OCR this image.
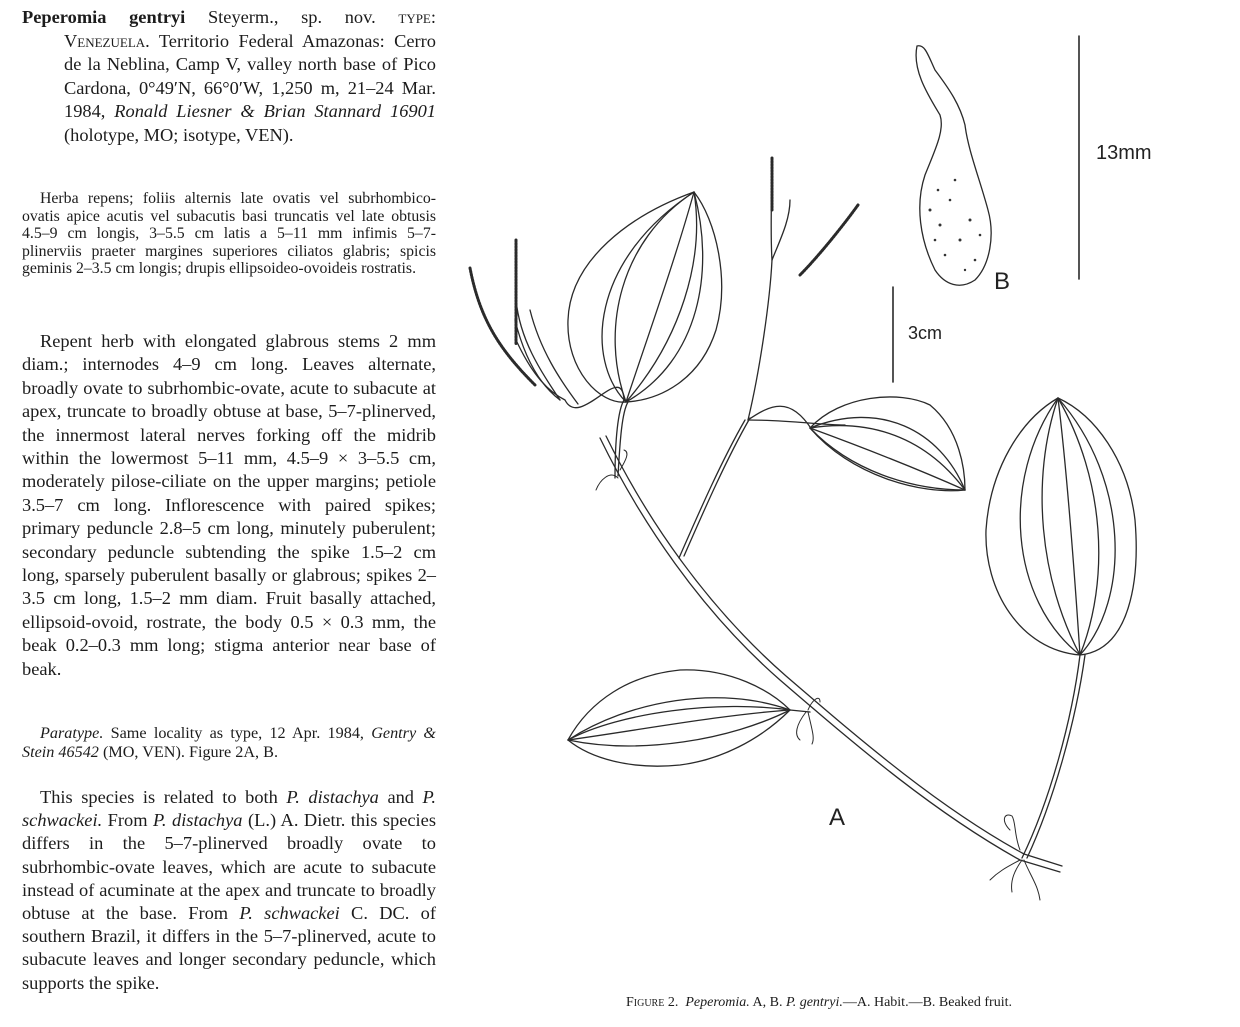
Peperomia gentryi Steyerm., sp. nov. type: Venezuela. Territorio Federal Amazonas: Cerro de la Neblina, Camp V, valley north base of Pico Cardona, 0°49′N, 66°0′W, 1,250 m, 21–24 Mar. 1984, Ronald Liesner & Brian Stannard 16901 (holotype, MO; isotype, VEN).

Herba repens; foliis alternis late ovatis vel subrhombico-ovatis apice acutis vel subacutis basi truncatis vel late obtusis 4.5–9 cm longis, 3–5.5 cm latis a 5–11 mm infimis 5–7-plinerviis praeter margines superiores ciliatos glabris; spicis geminis 2–3.5 cm longis; drupis ellipsoideo-ovoideis rostratis.

Repent herb with elongated glabrous stems 2 mm diam.; internodes 4–9 cm long. Leaves alternate, broadly ovate to subrhombic-ovate, acute to subacute at apex, truncate to broadly obtuse at base, 5–7-plinerved, the innermost lateral nerves forking off the midrib within the lowermost 5–11 mm, 4.5–9 × 3–5.5 cm, moderately pilose-ciliate on the upper margins; petiole 3.5–7 cm long. Inflorescence with paired spikes; primary peduncle 2.8–5 cm long, minutely puberulent; secondary peduncle subtending the spike 1.5–2 cm long, sparsely puberulent basally or glabrous; spikes 2–3.5 cm long, 1.5–2 mm diam. Fruit basally attached, ellipsoid-ovoid, rostrate, the body 0.5 × 0.3 mm, the beak 0.2–0.3 mm long; stigma anterior near base of beak.

Paratype. Same locality as type, 12 Apr. 1984, Gentry & Stein 46542 (MO, VEN). Figure 2A, B.

This species is related to both P. distachya and P. schwackei. From P. distachya (L.) A. Dietr. this species differs in the 5–7-plinerved broadly ovate to subrhombic-ovate leaves, which are acute to subacute instead of acuminate at the apex and truncate to broadly obtuse at the base. From P. schwackei C. DC. of southern Brazil, it differs in the 5–7-plinerved, acute to subacute leaves and longer secondary peduncle, which supports the spike.

13mm
3cm
B
A
Figure 2. Peperomia. A, B. P. gentryi.—A. Habit.—B. Beaked fruit.
